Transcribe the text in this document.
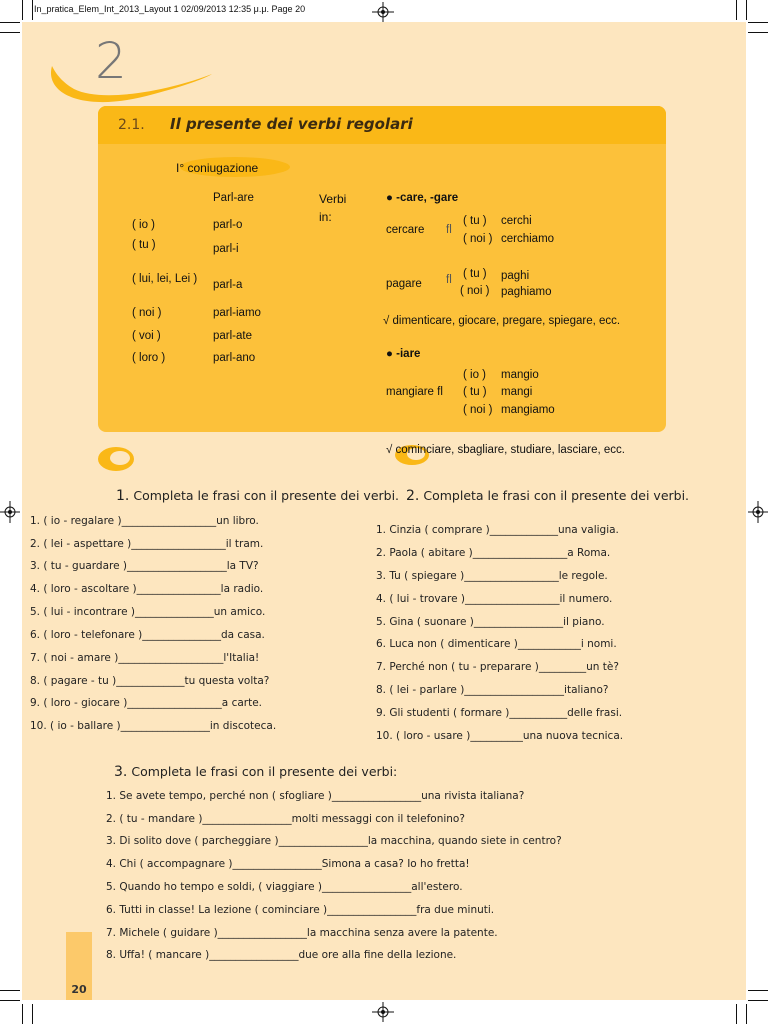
In_pratica_Elem_Int_2013_Layout 1 02/09/2013 12:35 μ.μ. Page 20
2
2.1. Il presente dei verbi regolari
I° coniugazione
Parl-are
( io )
( tu )
( lui, lei, Lei )
( noi )
( voi )
( loro )
parl-o
parl-i
parl-a
parl-iamo
parl-ate
parl-ano
Verbi in:
● -care, -gare
cercare fl
( tu )
( noi )
cerchi
cerchiamo
pagare fl ( tu )
( noi )
paghi
paghiamo
√ dimenticare, giocare, pregare, spiegare, ecc.
● -iare
mangiare fl
( io )
( tu )
( noi )
mangio
mangi
mangiamo
√ cominciare, sbagliare, studiare, lasciare, ecc.
1. Completa le frasi con il presente dei verbi.
1. ( io - regalare )__________________un libro.
2. ( lei - aspettare )__________________il tram.
3. ( tu - guardare )___________________la TV?
4. ( loro - ascoltare )________________la radio.
5. ( lui - incontrare )_______________un amico.
6. ( loro - telefonare )_______________da casa.
7. ( noi - amare )____________________l'Italia!
8. ( pagare - tu )_____________tu questa volta?
9. ( loro - giocare )__________________a carte.
10. ( io - ballare )_________________in discoteca.
2. Completa le frasi con il presente dei verbi.
1. Cinzia ( comprare )_____________una valigia.
2. Paola ( abitare )__________________a Roma.
3. Tu ( spiegare )__________________le regole.
4. ( lui - trovare )__________________il numero.
5. Gina ( suonare )_________________il piano.
6. Luca non ( dimenticare )____________i nomi.
7. Perché non ( tu - preparare )_________un tè?
8. ( lei - parlare )___________________italiano?
9. Gli studenti ( formare )___________delle frasi.
10. ( loro - usare )__________una nuova tecnica.
3. Completa le frasi con il presente dei verbi:
1. Se avete tempo, perché non ( sfogliare )_________________una rivista italiana?
2. ( tu - mandare )_________________molti messaggi con il telefonino?
3. Di solito dove ( parcheggiare )_________________la macchina, quando siete in centro?
4. Chi ( accompagnare )_________________Simona a casa? Io ho fretta!
5. Quando ho tempo e soldi, ( viaggiare )_________________all'estero.
6. Tutti in classe! La lezione ( cominciare )_________________fra due minuti.
7. Michele ( guidare )_________________la macchina senza avere la patente.
8. Uffa! ( mancare )_________________due ore alla fine della lezione.
20
